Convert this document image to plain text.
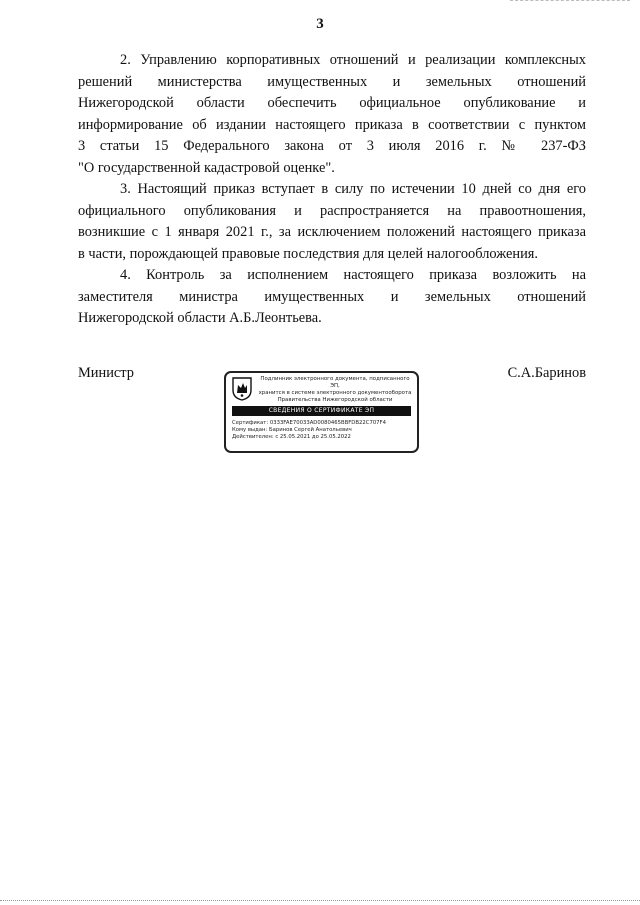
3

2. Управлению корпоративных отношений и реализации комплексных
решений министерства имущественных и земельных отношений
Нижегородской области обеспечить официальное опубликование и
информирование об издании настоящего приказа в соответствии с пунктом
3 статьи 15 Федерального закона от 3 июля 2016 г. № 237-ФЗ
"О государственной кадастровой оценке".

3. Настоящий приказ вступает в силу по истечении 10 дней со дня его
официального опубликования и распространяется на правоотношения,
возникшие с 1 января 2021 г., за исключением положений настоящего приказа
в части, порождающей правовые последствия для целей налогообложения.

4. Контроль за исполнением настоящего приказа возложить на
заместителя министра имущественных и земельных отношений
Нижегородской области А.Б.Леонтьева.

Министр	Подлинник электронного документа, подписанного ЭП,
хранится в системе электронного документооборота
Правительства Нижегородской области
СВЕДЕНИЯ О СЕРТИФИКАТЕ ЭП
Сертификат: 0333FAE70033AD0080465BBFDB22C707F4
Кому выдан: Баринов Сергей Анатольевич
Действителен: с 25.05.2021 до 25.05.2022
С.А.Баринов
